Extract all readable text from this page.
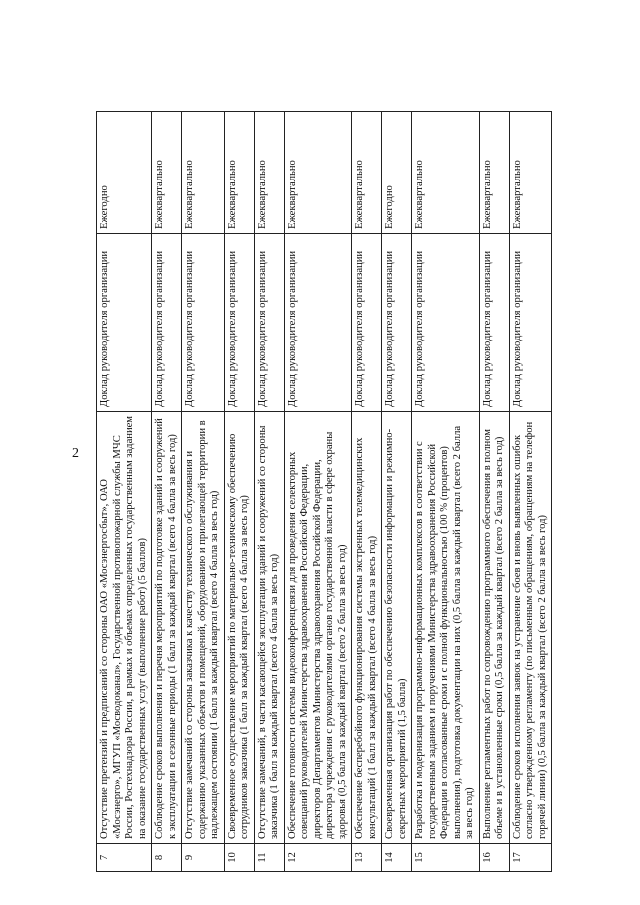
2
7	Отсутствие претензий и предписаний со стороны ОАО «Мосэнергосбыт», ОАО «Мосэнерго», МГУП «Мосводоканал», Государственной противопожарной службы МЧС России, Ростехнадзора России, в рамках и объемах определенных государственным заданием на оказание государственных услуг (выполнение работ) (5 баллов)	Доклад руководителя организации	Ежегодно
8	Соблюдение сроков выполнения и перечня мероприятий по подготовке зданий и сооружений к эксплуатации в сезонные периоды (1 балл за каждый квартал (всего 4 балла за весь год)	Доклад руководителя организации	Ежеквартально
9	Отсутствие замечаний со стороны заказчика к качеству технического обслуживания и содержанию указанных объектов и помещений, оборудованию и прилегающей территории в надлежащем состоянии (1 балл за каждый квартал (всего 4 балла за весь год)	Доклад руководителя организации	Ежеквартально
10	Своевременное осуществление мероприятий по материально-техническому обеспечению сотрудников заказчика (1 балл за каждый квартал (всего 4 балла за весь год)	Доклад руководителя организации	Ежеквартально
11	Отсутствие замечаний, в части касающейся эксплуатации зданий и сооружений со стороны заказчика (1 балл за каждый квартал (всего 4 балла за весь год)	Доклад руководителя организации	Ежеквартально
12	Обеспечение готовности системы видеоконференцсвязи для проведения селекторных совещаний руководителей Министерства здравоохранения Российской Федерации, директоров Департаментов Министерства здравоохранения Российской Федерации, директора учреждения с руководителями органов государственной власти в сфере охраны здоровья (0,5 балла за каждый квартал (всего 2 балла за весь год)	Доклад руководителя организации	Ежеквартально
13	Обеспечение бесперебойного функционирования системы экстренных телемедицинских консультаций (1 балл за каждый квартал (всего 4 балла за весь год)	Доклад руководителя организации	Ежеквартально
14	Своевременная организация работ по обеспечению безопасности информации и режимно-секретных мероприятий (1,5 балла)	Доклад руководителя организации	Ежегодно
15	Разработка и модернизация программно-информационных комплексов в соответствии с государственным заданием и поручениями Министерства здравоохранения Российской Федерации в согласованные сроки и с полной функциональностью (100 % (процентов) выполнения), подготовка документации на них (0,5 балла за каждый квартал (всего 2 балла за весь год)	Доклад руководителя организации	Ежеквартально
16	Выполнение регламентных работ по сопровождению программного обеспечения в полном объеме и в установленные сроки (0,5 балла за каждый квартал (всего 2 балла за весь год)	Доклад руководителя организации	Ежеквартально
17	Соблюдение сроков исполнения заявок на устранение сбоев и вновь выявленных ошибок согласно утвержденному регламенту (по письменным обращениям, обращениям на телефон горячей линии) (0,5 балла за каждый квартал (всего 2 балла за весь год)	Доклад руководителя организации	Ежеквартально
